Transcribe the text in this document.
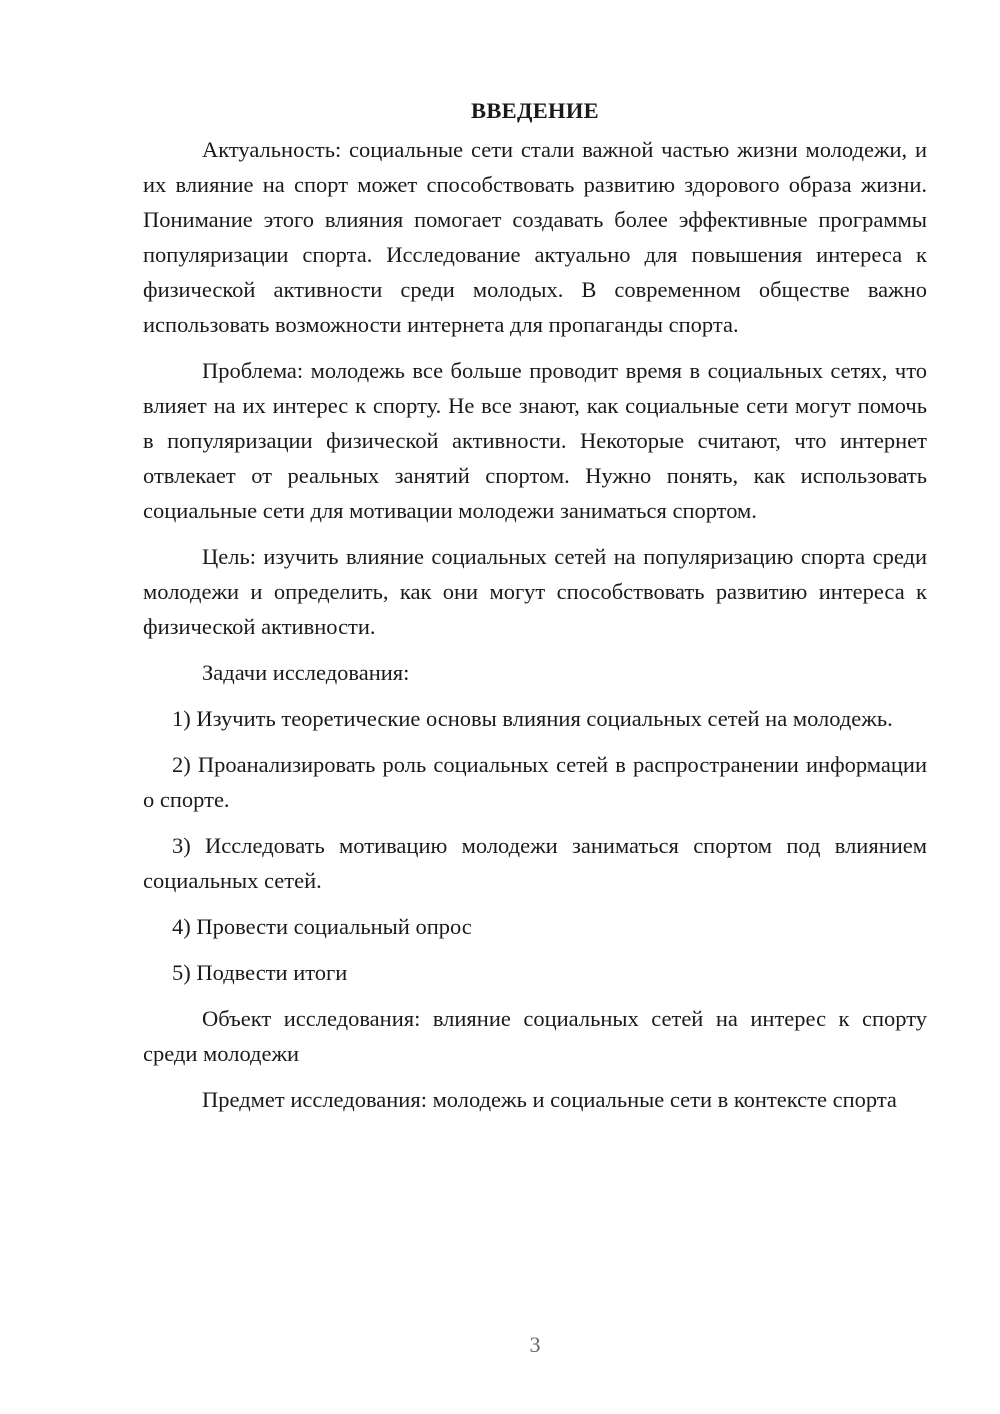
ВВЕДЕНИЕ

Актуальность: социальные сети стали важной частью жизни молодежи, и их влияние на спорт может способствовать развитию здорового образа жизни. Понимание этого влияния помогает создавать более эффективные программы популяризации спорта. Исследование актуально для повышения интереса к физической активности среди молодых. В современном обществе важно использовать возможности интернета для пропаганды спорта.

Проблема: молодежь все больше проводит время в социальных сетях, что влияет на их интерес к спорту. Не все знают, как социальные сети могут помочь в популяризации физической активности. Некоторые считают, что интернет отвлекает от реальных занятий спортом. Нужно понять, как использовать социальные сети для мотивации молодежи заниматься спортом.

Цель: изучить влияние социальных сетей на популяризацию спорта среди молодежи и определить, как они могут способствовать развитию интереса к физической активности.

Задачи исследования:

1) Изучить теоретические основы влияния социальных сетей на молодежь.

2) Проанализировать роль социальных сетей в распространении информации о спорте.

3) Исследовать мотивацию молодежи заниматься спортом под влиянием социальных сетей.

4) Провести социальный опрос

5) Подвести итоги

Объект исследования: влияние социальных сетей на интерес к спорту среди молодежи

Предмет исследования: молодежь и социальные сети в контексте спорта

3
